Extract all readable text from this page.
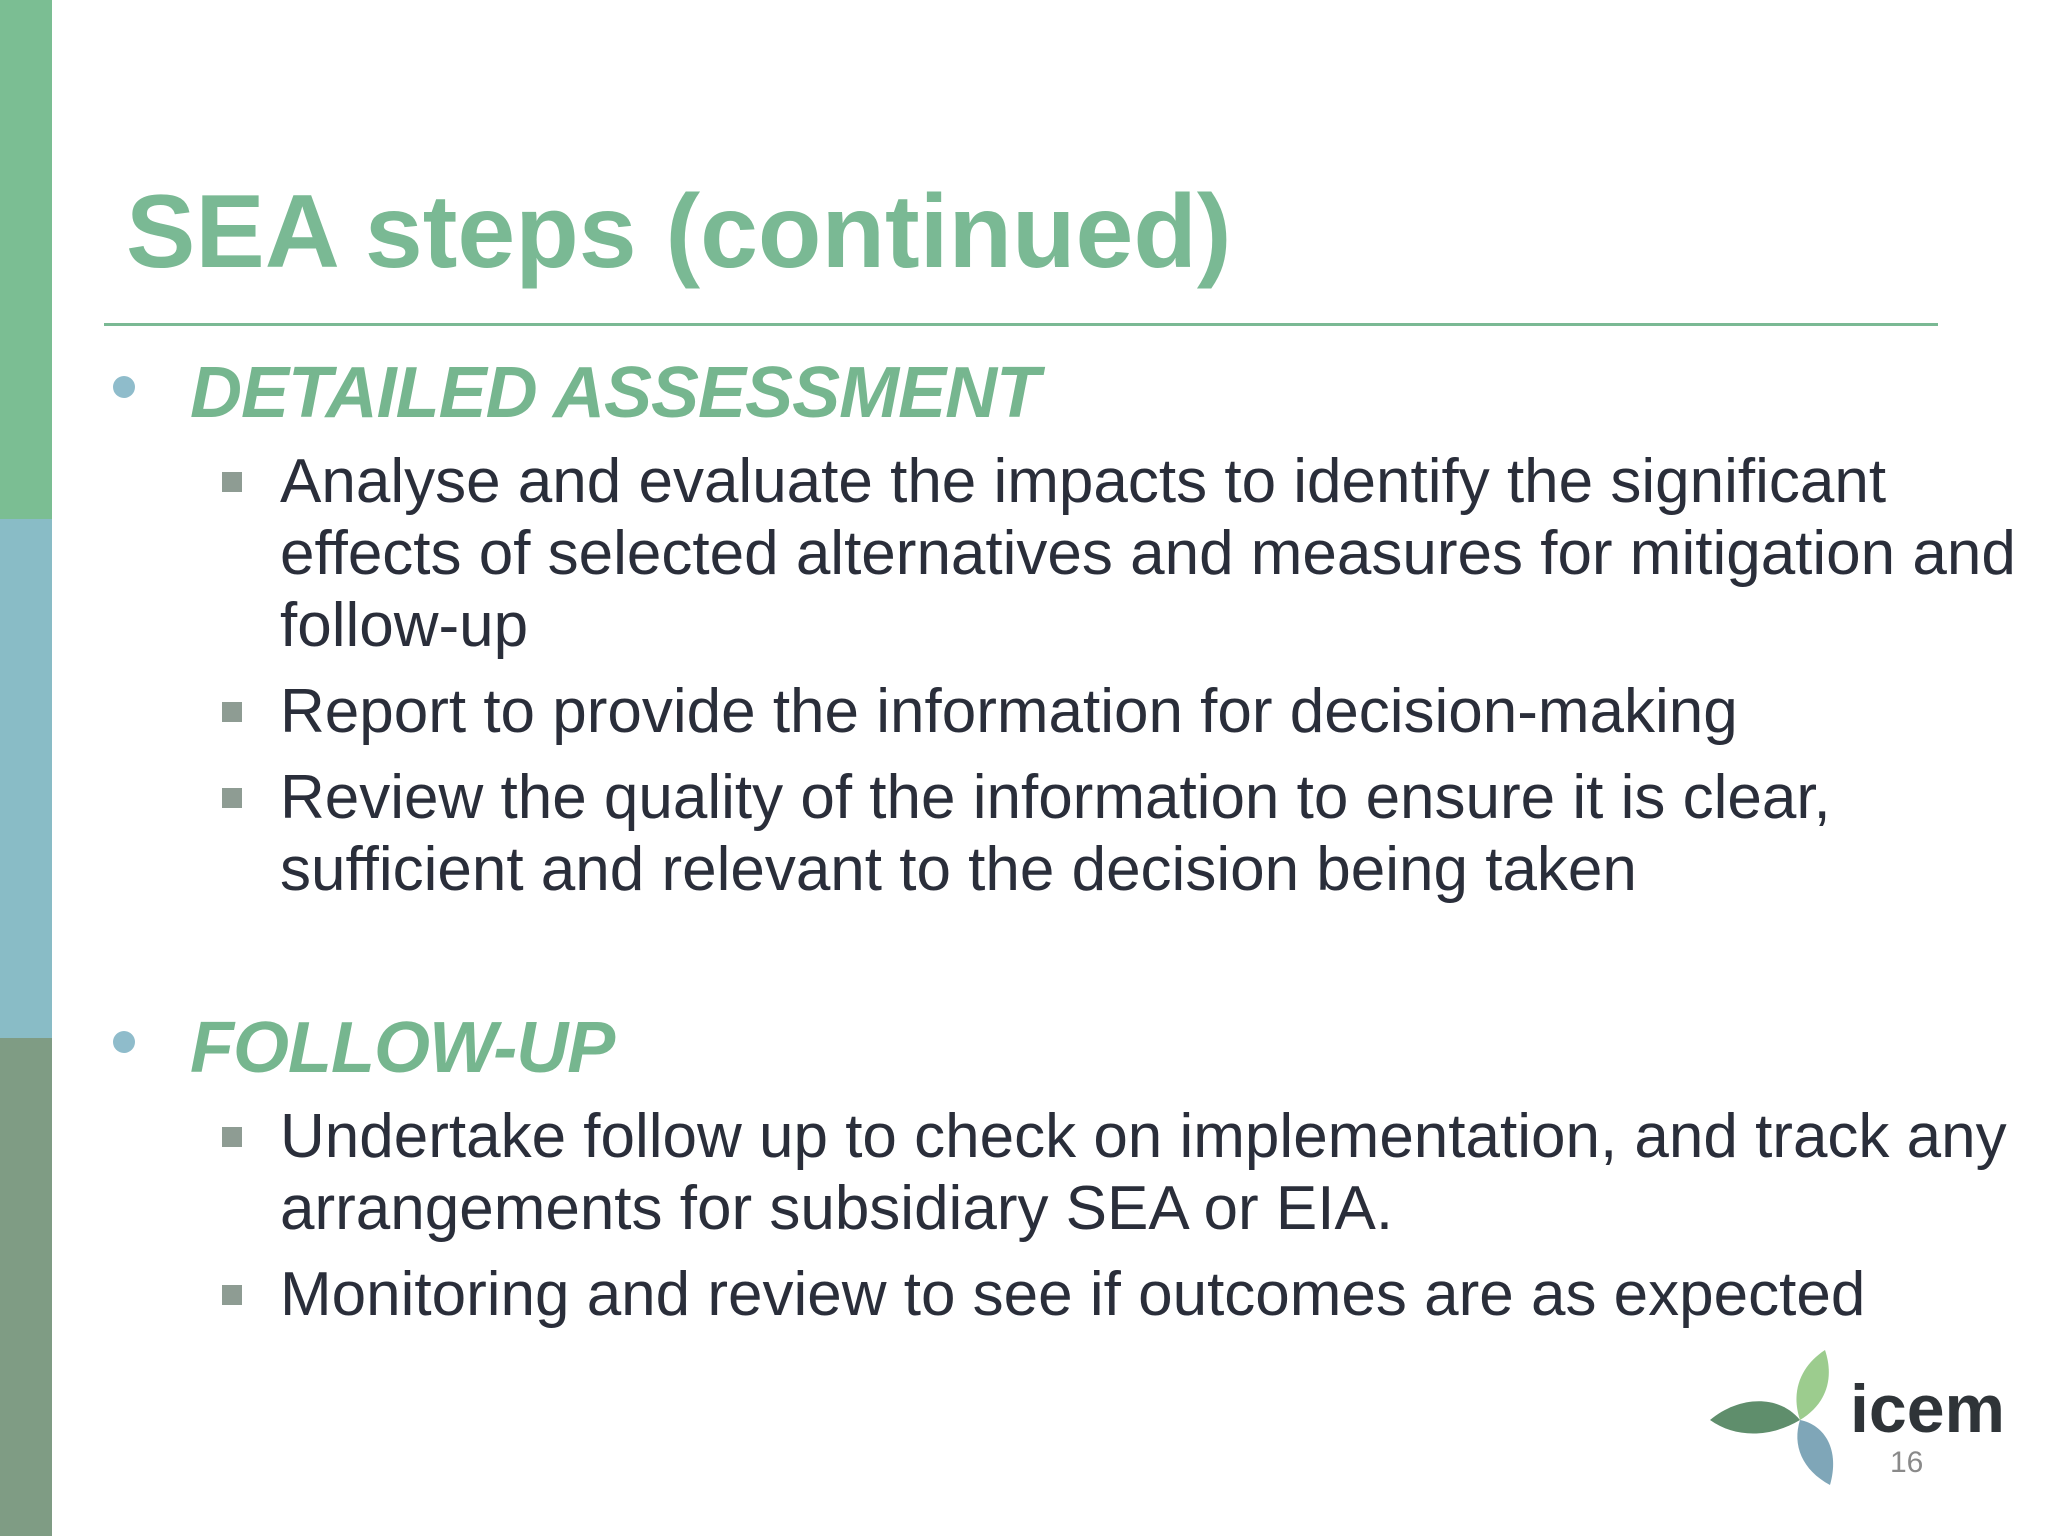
SEA steps (continued)
DETAILED ASSESSMENT
Analyse and evaluate the impacts to identify the significant effects of selected alternatives and measures for mitigation and follow-up
Report to provide the information for decision-making
Review the quality of the information to ensure it is clear, sufficient and relevant to the decision being taken
FOLLOW-UP
Undertake follow up to check on implementation, and track any arrangements for subsidiary SEA or EIA.
Monitoring and review to see if outcomes are as expected
icem
16
